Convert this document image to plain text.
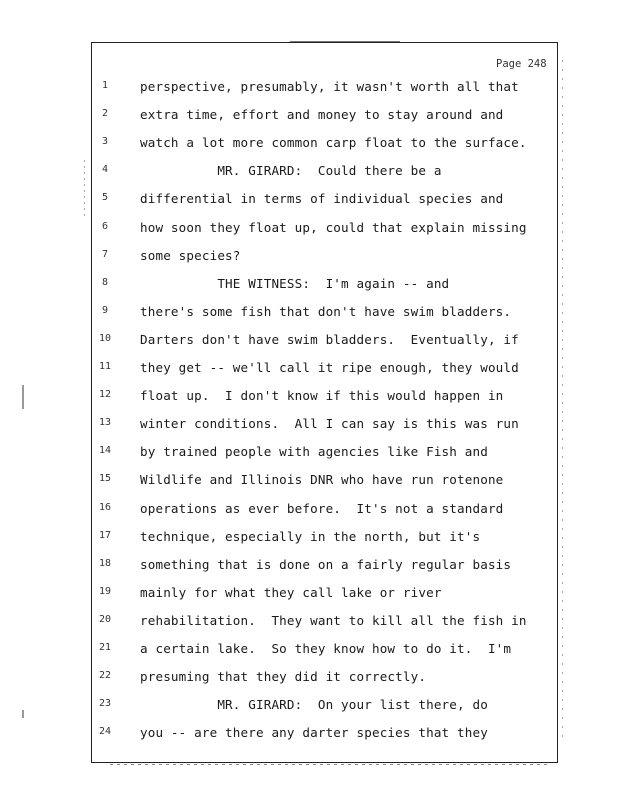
Page 248
1	perspective, presumably, it wasn't worth all that
2	extra time, effort and money to stay around and
3	watch a lot more common carp float to the surface.
4	MR. GIRARD:  Could there be a
5	differential in terms of individual species and
6	how soon they float up, could that explain missing
7	some species?
8	THE WITNESS:  I'm again -- and
9	there's some fish that don't have swim bladders.
10	Darters don't have swim bladders.  Eventually, if
11	they get -- we'll call it ripe enough, they would
12	float up.  I don't know if this would happen in
13	winter conditions.  All I can say is this was run
14	by trained people with agencies like Fish and
15	Wildlife and Illinois DNR who have run rotenone
16	operations as ever before.  It's not a standard
17	technique, especially in the north, but it's
18	something that is done on a fairly regular basis
19	mainly for what they call lake or river
20	rehabilitation.  They want to kill all the fish in
21	a certain lake.  So they know how to do it.  I'm
22	presuming that they did it correctly.
23	MR. GIRARD:  On your list there, do
24	you -- are there any darter species that they
